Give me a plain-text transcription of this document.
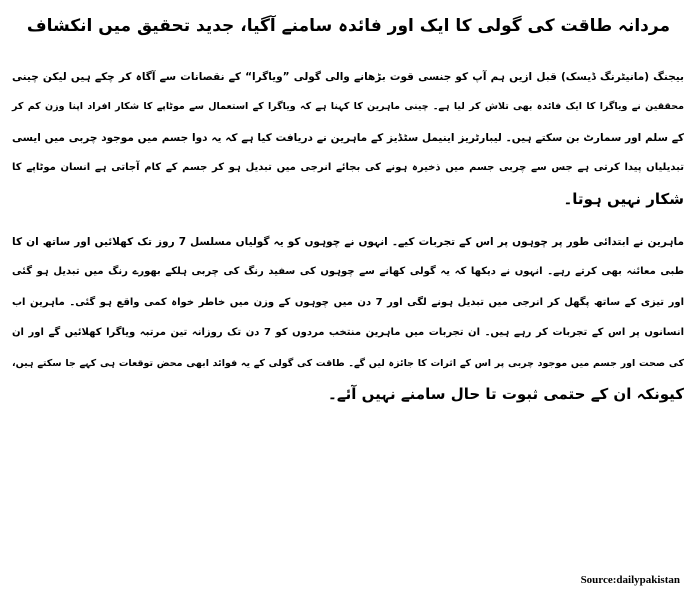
مردانہ طاقت کی گولی کا ایک اور فائدہ سامنے آگیا، جدید تحقیق میں انکشاف

بیجنگ (مانیٹرنگ ڈیسک) قبل ازیں ہم آپ کو جنسی قوت بڑھانے والی گولی ”ویاگرا“ کے نقصانات سے آگاہ کر چکے ہیں لیکن چینی
محققین نے ویاگرا کا ایک فائدہ بھی تلاش کر لیا ہے۔ چینی ماہرین کا کہنا ہے کہ ویاگرا کے استعمال سے موٹاپے کا شکار افراد اپنا وزن کم کر
کے سلم اور سمارٹ بن سکتے ہیں۔ لیبارٹریز اینیمل سٹڈیز کے ماہرین نے دریافت کیا ہے کہ یہ دوا جسم میں موجود چربی میں ایسی
تبدیلیاں پیدا کرتی ہے جس سے چربی جسم میں ذخیرہ ہونے کی بجائے انرجی میں تبدیل ہو کر جسم کے کام آجاتی ہے انسان موٹاپے کا
شکار نہیں ہوتا۔

ماہرین نے ابتدائی طور پر چوہوں پر اس کے تجربات کیے۔ انہوں نے چوہوں کو یہ گولیاں مسلسل 7 روز تک کھلائیں اور ساتھ ان کا
طبی معائنہ بھی کرتے رہے۔ انہوں نے دیکھا کہ یہ گولی کھانے سے چوہوں کی سفید رنگ کی چربی ہلکے بھورے رنگ میں تبدیل ہو گئی
اور تیزی کے ساتھ پگھل کر انرجی میں تبدیل ہونے لگی اور 7 دن میں چوہوں کے وزن میں خاطر خواہ کمی واقع ہو گئی۔ ماہرین اب
انسانوں پر اس کے تجربات کر رہے ہیں۔ ان تجربات میں ماہرین منتخب مردوں کو 7 دن تک روزانہ تین مرتبہ ویاگرا کھلائیں گے اور ان
کی صحت اور جسم میں موجود چربی پر اس کے اثرات کا جائزہ لیں گے۔ طاقت کی گولی کے یہ فوائد ابھی محض توقعات ہی کہے جا سکتے ہیں،
کیونکہ ان کے حتمی ثبوت تا حال سامنے نہیں آئے۔

Source:dailypakistan
